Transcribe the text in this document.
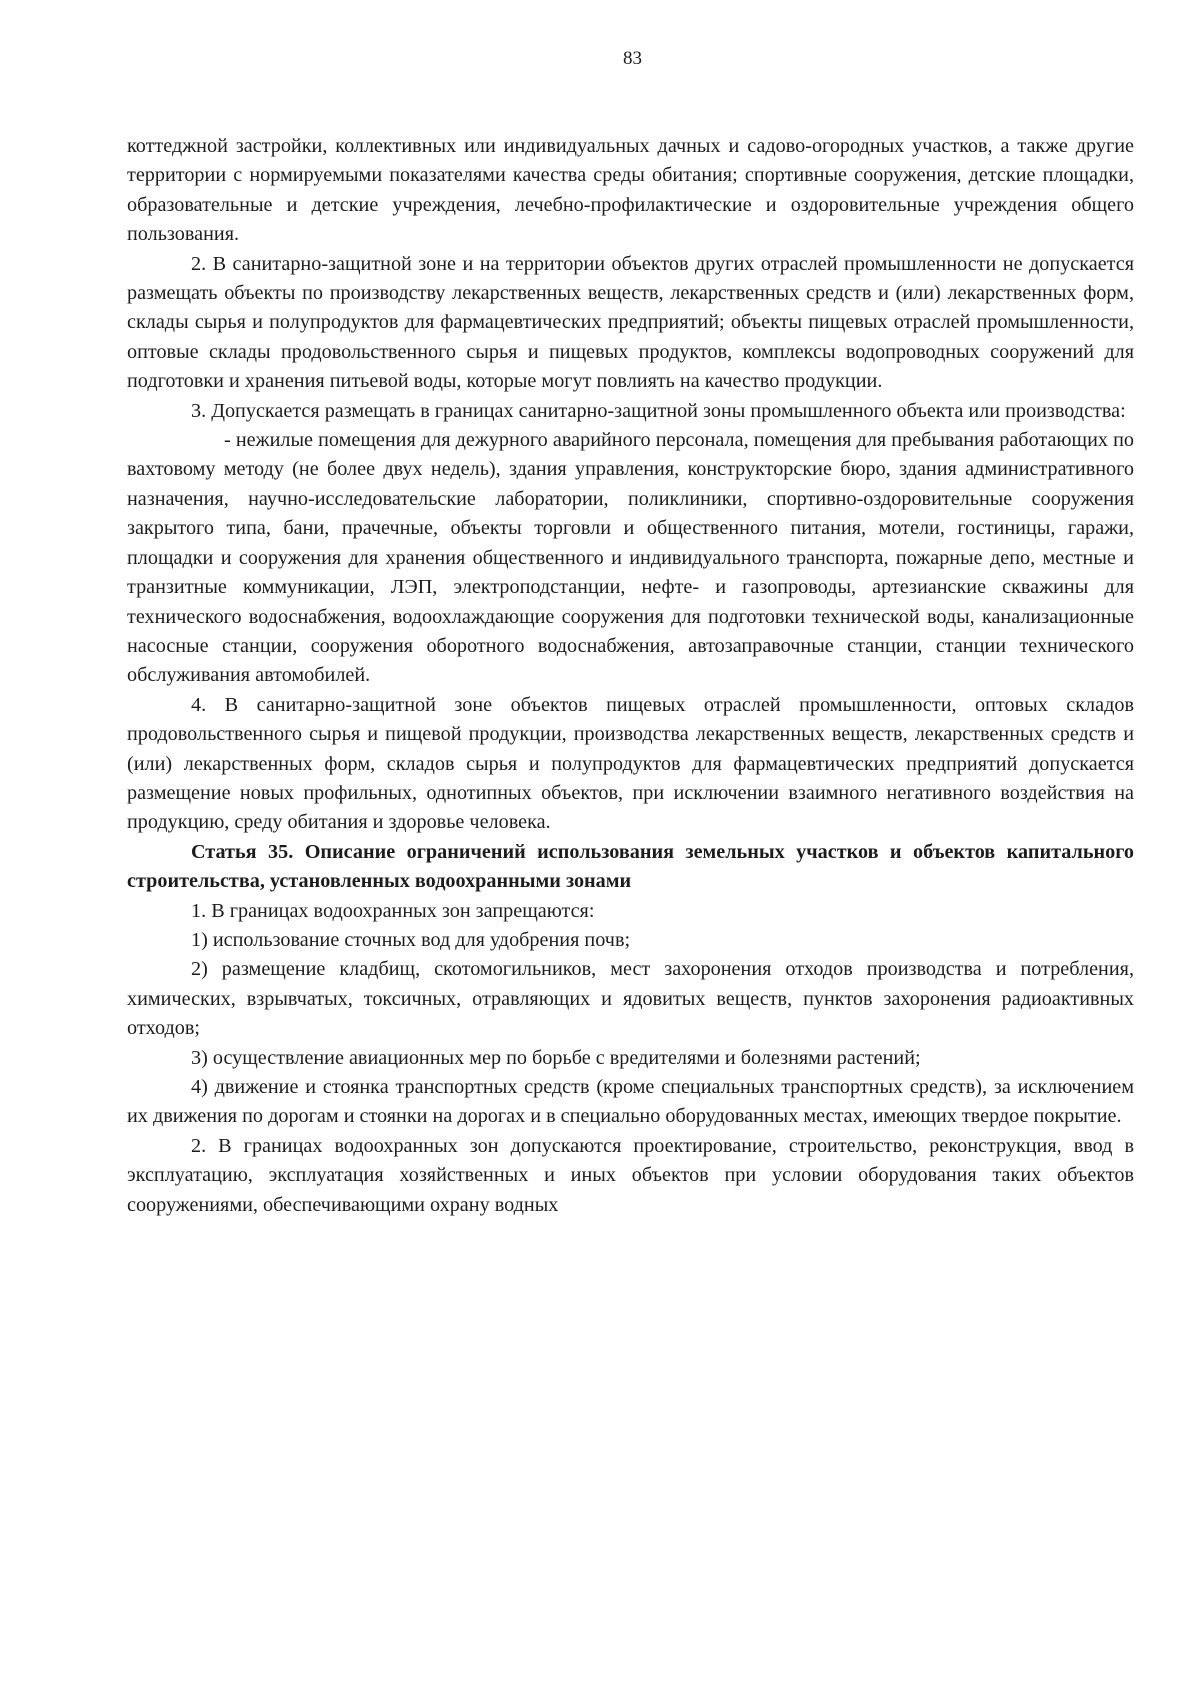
83

коттеджной застройки, коллективных или индивидуальных дачных и садово-огородных участков, а также другие территории с нормируемыми показателями качества среды обитания; спортивные сооружения, детские площадки, образовательные и детские учреждения, лечебно-профилактические и оздоровительные учреждения общего пользования.

2. В санитарно-защитной зоне и на территории объектов других отраслей промышленности не допускается размещать объекты по производству лекарственных веществ, лекарственных средств и (или) лекарственных форм, склады сырья и полупродуктов для фармацевтических предприятий; объекты пищевых отраслей промышленности, оптовые склады продовольственного сырья и пищевых продуктов, комплексы водопроводных сооружений для подготовки и хранения питьевой воды, которые могут повлиять на качество продукции.

3. Допускается размещать в границах санитарно-защитной зоны промышленного объекта или производства:

- нежилые помещения для дежурного аварийного персонала, помещения для пребывания работающих по вахтовому методу (не более двух недель), здания управления, конструкторские бюро, здания административного назначения, научно-исследовательские лаборатории, поликлиники, спортивно-оздоровительные сооружения закрытого типа, бани, прачечные, объекты торговли и общественного питания, мотели, гостиницы, гаражи, площадки и сооружения для хранения общественного и индивидуального транспорта, пожарные депо, местные и транзитные коммуникации, ЛЭП, электроподстанции, нефте- и газопроводы, артезианские скважины для технического водоснабжения, водоохлаждающие сооружения для подготовки технической воды, канализационные насосные станции, сооружения оборотного водоснабжения, автозаправочные станции, станции технического обслуживания автомобилей.

4. В санитарно-защитной зоне объектов пищевых отраслей промышленности, оптовых складов продовольственного сырья и пищевой продукции, производства лекарственных веществ, лекарственных средств и (или) лекарственных форм, складов сырья и полупродуктов для фармацевтических предприятий допускается размещение новых профильных, однотипных объектов, при исключении взаимного негативного воздействия на продукцию, среду обитания и здоровье человека.

Статья 35. Описание ограничений использования земельных участков и объектов капитального строительства, установленных водоохранными зонами

1. В границах водоохранных зон запрещаются:

1) использование сточных вод для удобрения почв;

2) размещение кладбищ, скотомогильников, мест захоронения отходов производства и потребления, химических, взрывчатых, токсичных, отравляющих и ядовитых веществ, пунктов захоронения радиоактивных отходов;

3) осуществление авиационных мер по борьбе с вредителями и болезнями растений;

4) движение и стоянка транспортных средств (кроме специальных транспортных средств), за исключением их движения по дорогам и стоянки на дорогах и в специально оборудованных местах, имеющих твердое покрытие.

2. В границах водоохранных зон допускаются проектирование, строительство, реконструкция, ввод в эксплуатацию, эксплуатация хозяйственных и иных объектов при условии оборудования таких объектов сооружениями, обеспечивающими охрану водных
